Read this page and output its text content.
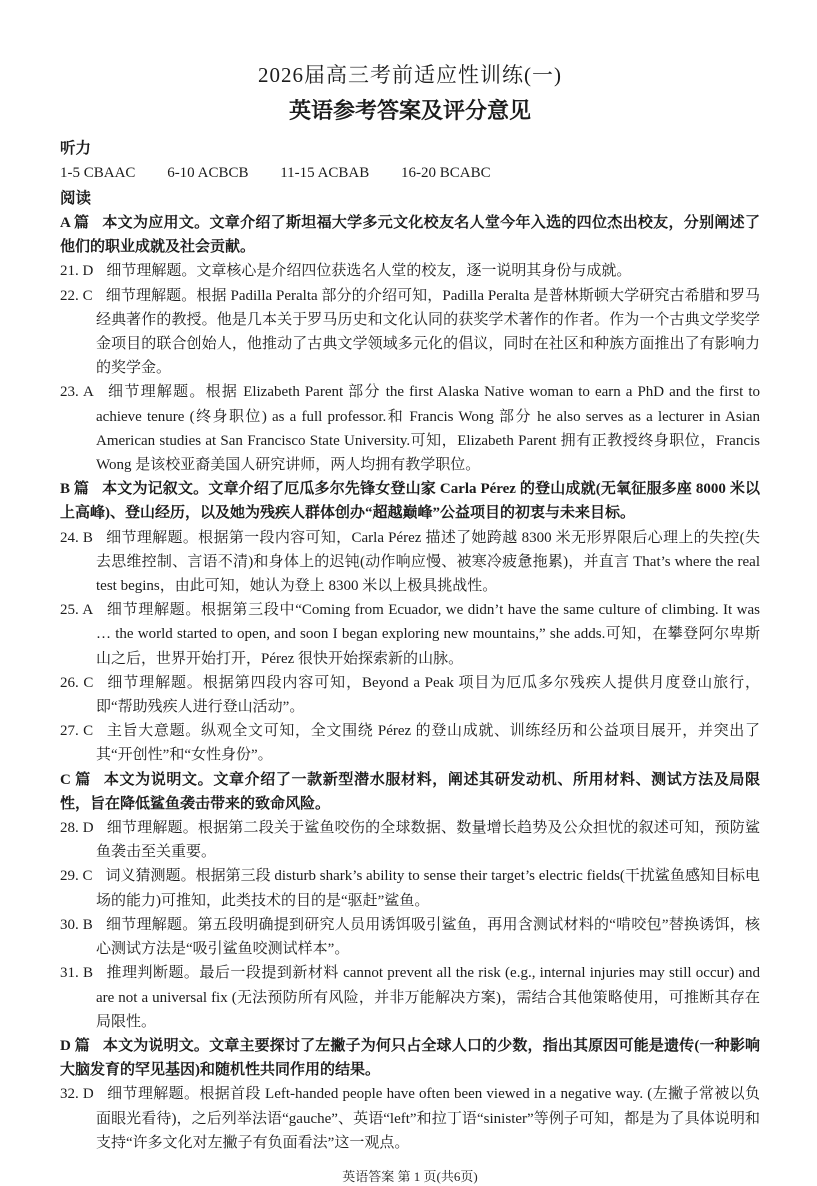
2026届高三考前适应性训练(一)
英语参考答案及评分意见
听力
1-5 CBAAC 6-10 ACBCB 11-15 ACBAB 16-20 BCABC
阅读

A 篇 本文为应用文。文章介绍了斯坦福大学多元文化校友名人堂今年入选的四位杰出校友，分别阐述了他们的职业成就及社会贡献。

21. D 细节理解题。文章核心是介绍四位获选名人堂的校友，逐一说明其身份与成就。

22. C 细节理解题。根据 Padilla Peralta 部分的介绍可知，Padilla Peralta 是普林斯顿大学研究古希腊和罗马经典著作的教授。他是几本关于罗马历史和文化认同的获奖学术著作的作者。作为一个古典文学奖学金项目的联合创始人，他推动了古典文学领域多元化的倡议，同时在社区和种族方面推出了有影响力的奖学金。

23. A 细节理解题。根据 Elizabeth Parent 部分 the first Alaska Native woman to earn a PhD and the first to achieve tenure (终身职位) as a full professor.和 Francis Wong 部分 he also serves as a lecturer in Asian American studies at San Francisco State University.可知，Elizabeth Parent 拥有正教授终身职位，Francis Wong 是该校亚裔美国人研究讲师，两人均拥有教学职位。

B 篇 本文为记叙文。文章介绍了厄瓜多尔先锋女登山家 Carla Pérez 的登山成就(无氧征服多座 8000 米以上高峰)、登山经历，以及她为残疾人群体创办“超越巅峰”公益项目的初衷与未来目标。

24. B 细节理解题。根据第一段内容可知，Carla Pérez 描述了她跨越 8300 米无形界限后心理上的失控(失去思维控制、言语不清)和身体上的迟钝(动作响应慢、被寒冷疲惫拖累)，并直言 That’s where the real test begins，由此可知，她认为登上 8300 米以上极具挑战性。

25. A 细节理解题。根据第三段中“Coming from Ecuador, we didn’t have the same culture of climbing. It was … the world started to open, and soon I began exploring new mountains,” she adds.可知，在攀登阿尔卑斯山之后，世界开始打开，Pérez 很快开始探索新的山脉。

26. C 细节理解题。根据第四段内容可知，Beyond a Peak 项目为厄瓜多尔残疾人提供月度登山旅行，即“帮助残疾人进行登山活动”。

27. C 主旨大意题。纵观全文可知，全文围绕 Pérez 的登山成就、训练经历和公益项目展开，并突出了其“开创性”和“女性身份”。

C 篇 本文为说明文。文章介绍了一款新型潜水服材料，阐述其研发动机、所用材料、测试方法及局限性，旨在降低鲨鱼袭击带来的致命风险。

28. D 细节理解题。根据第二段关于鲨鱼咬伤的全球数据、数量增长趋势及公众担忧的叙述可知，预防鲨鱼袭击至关重要。

29. C 词义猜测题。根据第三段 disturb shark’s ability to sense their target’s electric fields(干扰鲨鱼感知目标电场的能力)可推知，此类技术的目的是“驱赶”鲨鱼。

30. B 细节理解题。第五段明确提到研究人员用诱饵吸引鲨鱼，再用含测试材料的“啃咬包”替换诱饵，核心测试方法是“吸引鲨鱼咬测试样本”。

31. B 推理判断题。最后一段提到新材料 cannot prevent all the risk (e.g., internal injuries may still occur) and are not a universal fix (无法预防所有风险，并非万能解决方案)，需结合其他策略使用，可推断其存在局限性。

D 篇 本文为说明文。文章主要探讨了左撇子为何只占全球人口的少数，指出其原因可能是遗传(一种影响大脑发育的罕见基因)和随机性共同作用的结果。

32. D 细节理解题。根据首段 Left-handed people have often been viewed in a negative way. (左撇子常被以负面眼光看待)，之后列举法语“gauche”、英语“left”和拉丁语“sinister”等例子可知，都是为了具体说明和支持“许多文化对左撇子有负面看法”这一观点。

英语答案 第 1 页(共6页)
